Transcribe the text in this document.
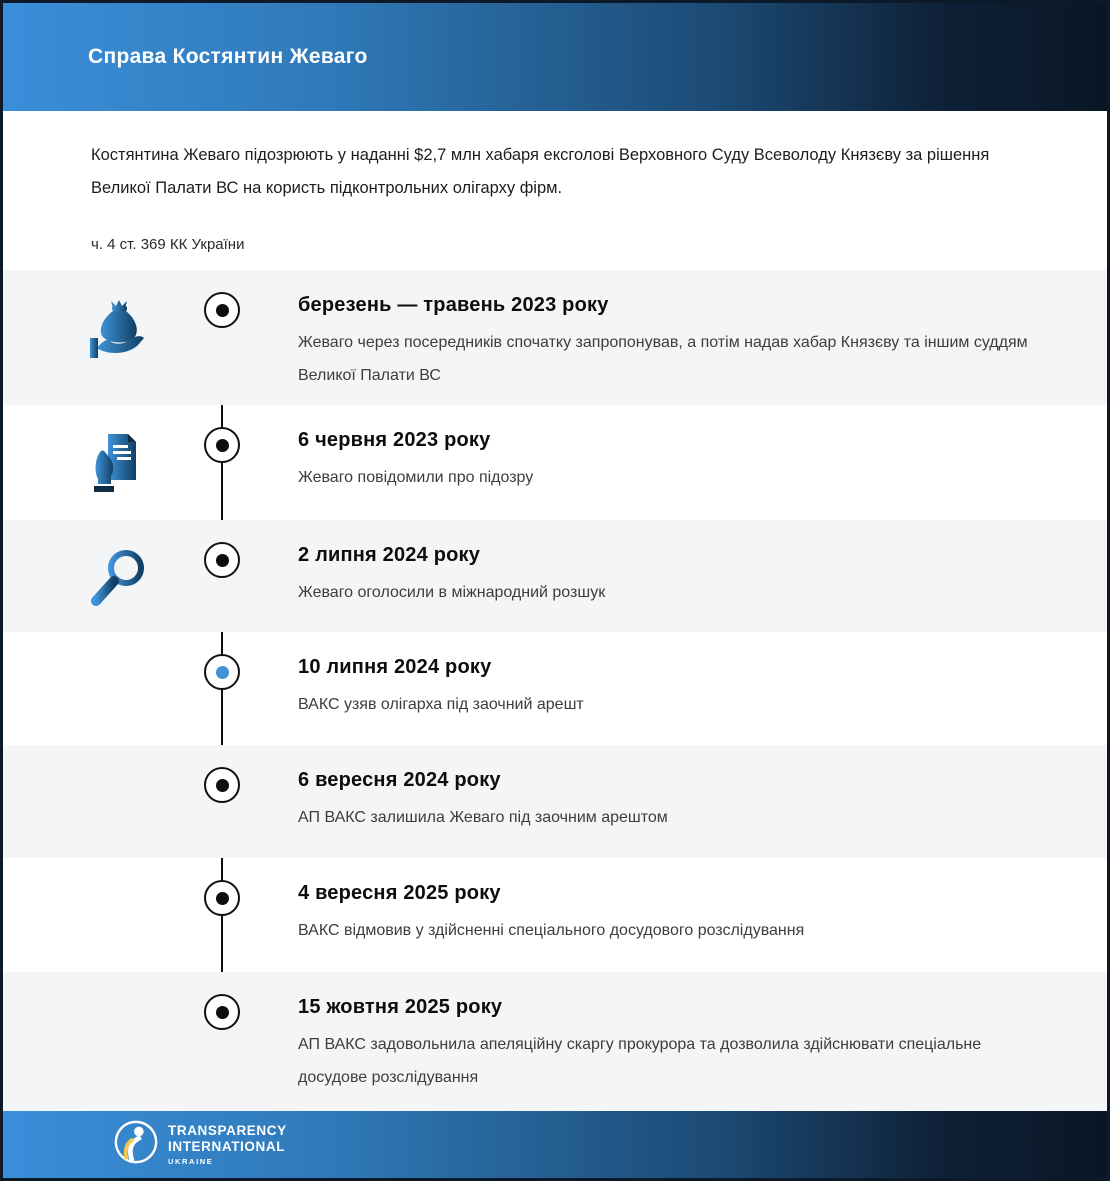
Справа Костянтин Жеваго

Костянтина Жеваго підозрюють у наданні $2,7 млн хабаря ексголові Верховного Суду Всеволоду Князєву за рішення Великої Палати ВС на користь підконтрольних олігарху фірм.

ч. 4 ст. 369 КК України

березень — травень 2023 року

Жеваго через посередників спочатку запропонував, а потім надав хабар Князєву та іншим суддям Великої Палати ВС

6 червня 2023 року

Жеваго повідомили про підозру

2 липня 2024 року

Жеваго оголосили в міжнародний розшук

10 липня 2024 року

ВАКС узяв олігарха під заочний арешт

6 вересня 2024 року

АП ВАКС залишила Жеваго під заочним арештом

4 вересня 2025 року

ВАКС відмовив у здійсненні спеціального досудового розслідування

15 жовтня 2025 року

АП ВАКС задовольнила апеляційну скаргу прокурора та дозволила здійснювати спеціальне досудове розслідування

TRANSPARENCY
INTERNATIONAL
UKRAINE
